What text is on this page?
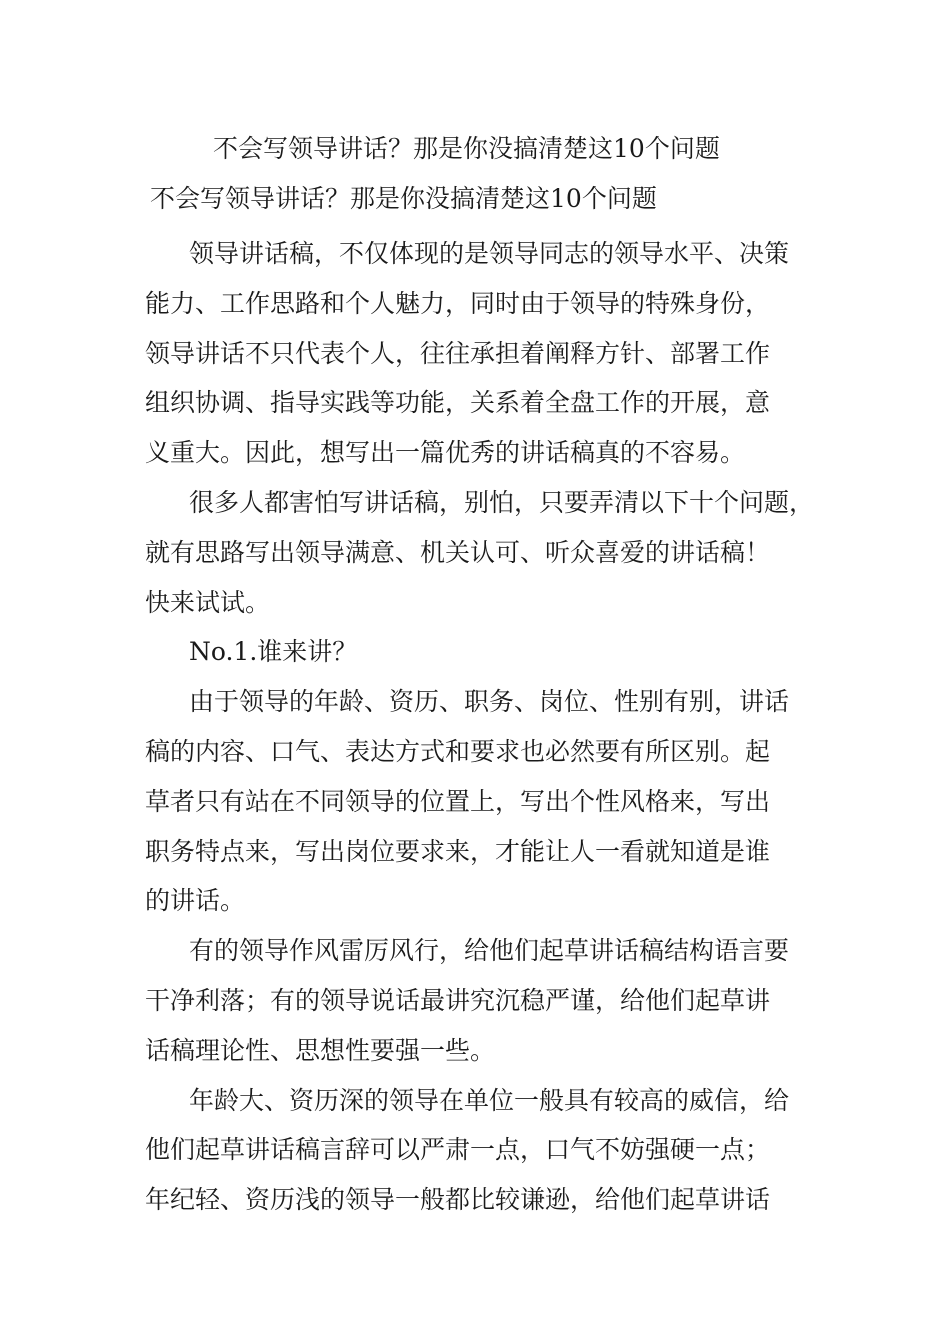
不会写领导讲话？那是你没搞清楚这10个问题
不会写领导讲话？那是你没搞清楚这10个问题

领导讲话稿，不仅体现的是领导同志的领导水平、决策
能力、工作思路和个人魅力，同时由于领导的特殊身份，
领导讲话不只代表个人，往往承担着阐释方针、部署工作
组织协调、指导实践等功能，关系着全盘工作的开展，意
义重大。因此，想写出一篇优秀的讲话稿真的不容易。

很多人都害怕写讲话稿，别怕，只要弄清以下十个问题，
就有思路写出领导满意、机关认可、听众喜爱的讲话稿！
快来试试。

No.1.谁来讲？

由于领导的年龄、资历、职务、岗位、性别有别，讲话
稿的内容、口气、表达方式和要求也必然要有所区别。起
草者只有站在不同领导的位置上，写出个性风格来，写出
职务特点来，写出岗位要求来，才能让人一看就知道是谁
的讲话。

有的领导作风雷厉风行，给他们起草讲话稿结构语言要
干净利落；有的领导说话最讲究沉稳严谨，给他们起草讲
话稿理论性、思想性要强一些。

年龄大、资历深的领导在单位一般具有较高的威信，给
他们起草讲话稿言辞可以严肃一点，口气不妨强硬一点；
年纪轻、资历浅的领导一般都比较谦逊，给他们起草讲话
